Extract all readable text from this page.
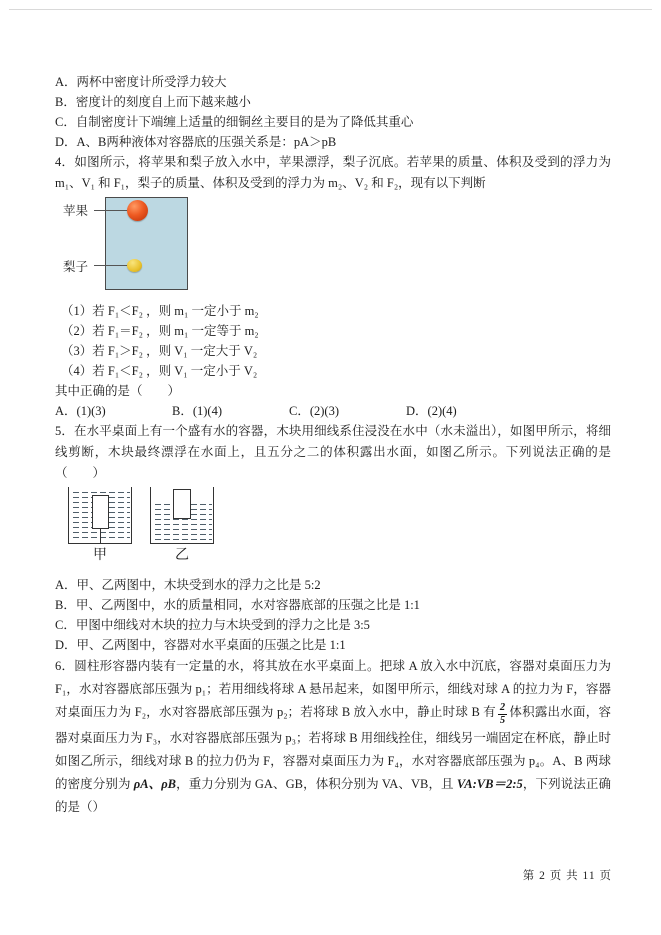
A．两杯中密度计所受浮力较大

B．密度计的刻度自上而下越来越小

C．自制密度计下端缠上适量的细铜丝主要目的是为了降低其重心

D．A、B两种液体对容器底的压强关系是：pA＞pB

4．如图所示，将苹果和梨子放入水中，苹果漂浮，梨子沉底。若苹果的质量、体积及受到的浮力为 m₁、V₁ 和 F₁，梨子的质量、体积及受到的浮力为 m₂、V₂ 和 F₂，现有以下判断

苹果
梨子

（1）若 F₁＜F₂ ，则 m₁ 一定小于 m₂

（2）若 F₁＝F₂ ，则 m₁ 一定等于 m₂

（3）若 F₁＞F₂ ，则 V₁ 一定大于 V₂

（4）若 F₁＜F₂ ，则 V₁ 一定小于 V₂

其中正确的是（　　）

A．(1)(3)	B．(1)(4)	C．(2)(3)	D．(2)(4)

5．在水平桌面上有一个盛有水的容器，木块用细线系住浸没在水中（水未溢出），如图甲所示，将细线剪断，木块最终漂浮在水面上，且五分之二的体积露出水面，如图乙所示。下列说法正确的是（　　）

甲	乙

A．甲、乙两图中，木块受到水的浮力之比是 5:2

B．甲、乙两图中，水的质量相同，水对容器底部的压强之比是 1:1

C．甲图中细线对木块的拉力与木块受到的浮力之比是 3:5

D．甲、乙两图中，容器对水平桌面的压强之比是 1:1

6．圆柱形容器内装有一定量的水，将其放在水平桌面上。把球 A 放入水中沉底，容器对桌面压力为 F₁，水对容器底部压强为 p₁；若用细线将球 A 悬吊起来，如图甲所示，细线对球 A 的拉力为 F，容器对桌面压力为 F₂，水对容器底部压强为 p₂；若将球 B 放入水中，静止时球 B 有 $\frac{2}{5}$ 体积露出水面，容器对桌面压力为 F₃，水对容器底部压强为 p₃；若将球 B 用细线拴住，细线另一端固定在杯底，静止时如图乙所示，细线对球 B 的拉力仍为 F，容器对桌面压力为 F₄，水对容器底部压强为 p₄。A、B 两球的密度分别为 ρA、ρB，重力分别为 GA、GB，体积分别为 VA、VB，且 VA:VB＝2:5，下列说法正确的是（）

第 2 页 共 11 页
